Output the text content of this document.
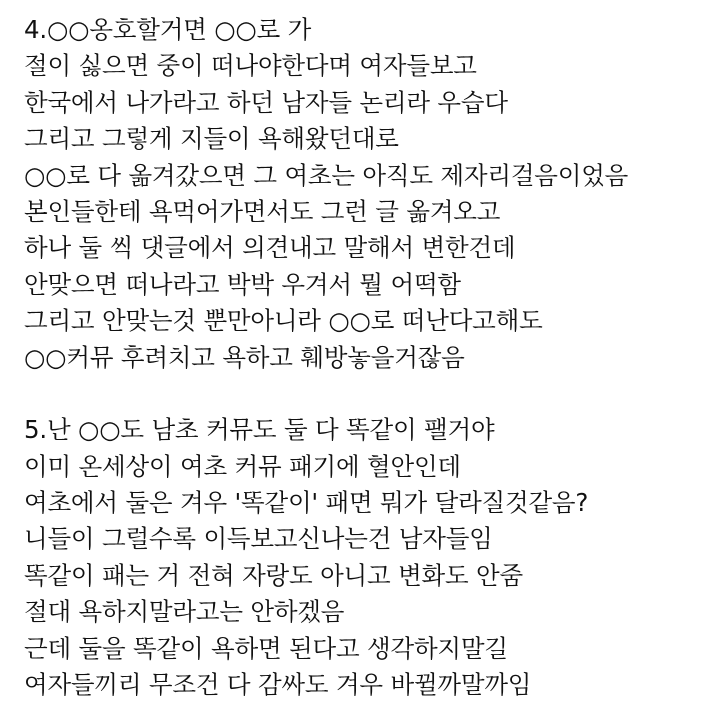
4.○○옹호할거면 ○○로 가
절이 싫으면 중이 떠나야한다며 여자들보고
한국에서 나가라고 하던 남자들 논리라 우습다
그리고 그렇게 지들이 욕해왔던대로
○○로 다 옮겨갔으면 그 여초는 아직도 제자리걸음이었음
본인들한테 욕먹어가면서도 그런 글 옮겨오고
하나 둘 씩 댓글에서 의견내고 말해서 변한건데
안맞으면 떠나라고 박박 우겨서 뭘 어떡함
그리고 안맞는것 뿐만아니라 ○○로 떠난다고해도
○○커뮤 후려치고 욕하고 훼방놓을거잖음
5.난 ○○도 남초 커뮤도 둘 다 똑같이 팰거야
이미 온세상이 여초 커뮤 패기에 혈안인데
여초에서 둘은 겨우 '똑같이' 패면 뭐가 달라질것같음?
니들이 그럴수록 이득보고신나는건 남자들임
똑같이 패는 거 전혀 자랑도 아니고 변화도 안줌
절대 욕하지말라고는 안하겠음
근데 둘을 똑같이 욕하면 된다고 생각하지말길
여자들끼리 무조건 다 감싸도 겨우 바뀔까말까임
